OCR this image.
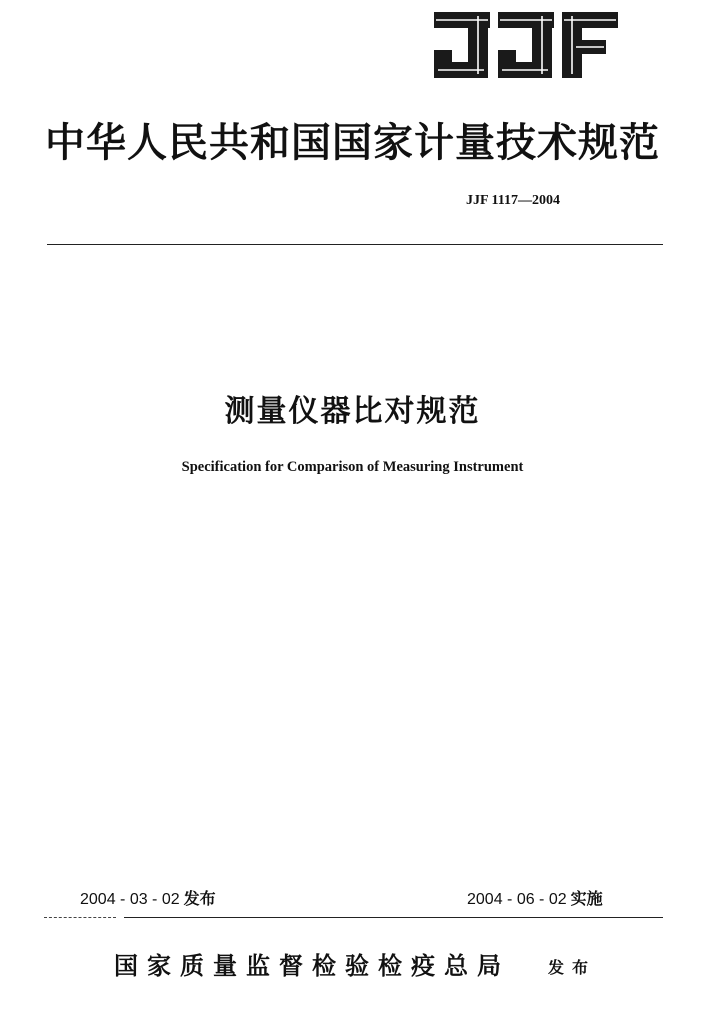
中华人民共和国国家计量技术规范
JJF 1117—2004
测量仪器比对规范
Specification for Comparison of Measuring Instrument
2004 - 03 - 02 发布	2004 - 06 - 02 实施
国家质量监督检验检疫总局 发布
